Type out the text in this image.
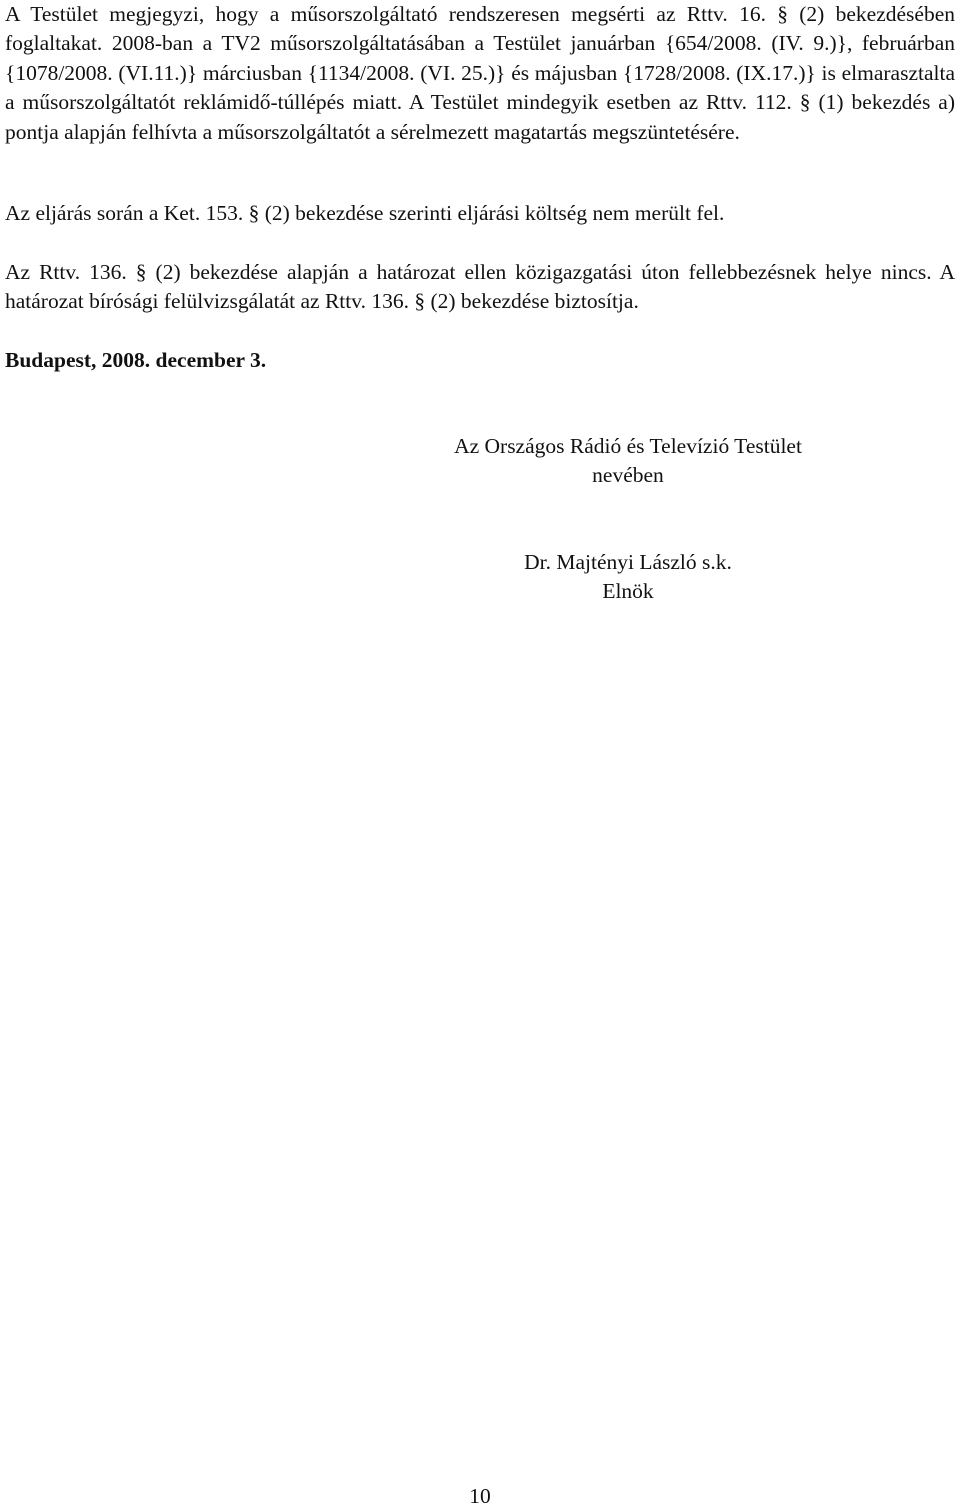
A Testület megjegyzi, hogy a műsorszolgáltató rendszeresen megsérti az Rttv. 16. § (2) bekezdésében foglaltakat. 2008-ban a TV2 műsorszolgáltatásában a Testület januárban {654/2008. (IV. 9.)}, februárban {1078/2008. (VI.11.)} márciusban {1134/2008. (VI. 25.)} és májusban {1728/2008. (IX.17.)} is elmarasztalta a műsorszolgáltatót reklámidő-túllépés miatt. A Testület mindegyik esetben az Rttv. 112. § (1) bekezdés a) pontja alapján felhívta a műsorszolgáltatót a sérelmezett magatartás megszüntetésére.

Az eljárás során a Ket. 153. § (2) bekezdése szerinti eljárási költség nem merült fel.

Az Rttv. 136. § (2) bekezdése alapján a határozat ellen közigazgatási úton fellebbezésnek helye nincs. A határozat bírósági felülvizsgálatát az Rttv. 136. § (2) bekezdése biztosítja.

Budapest, 2008. december 3.

Az Országos Rádió és Televízió Testület
nevében

Dr. Majtényi László s.k.
Elnök

10
